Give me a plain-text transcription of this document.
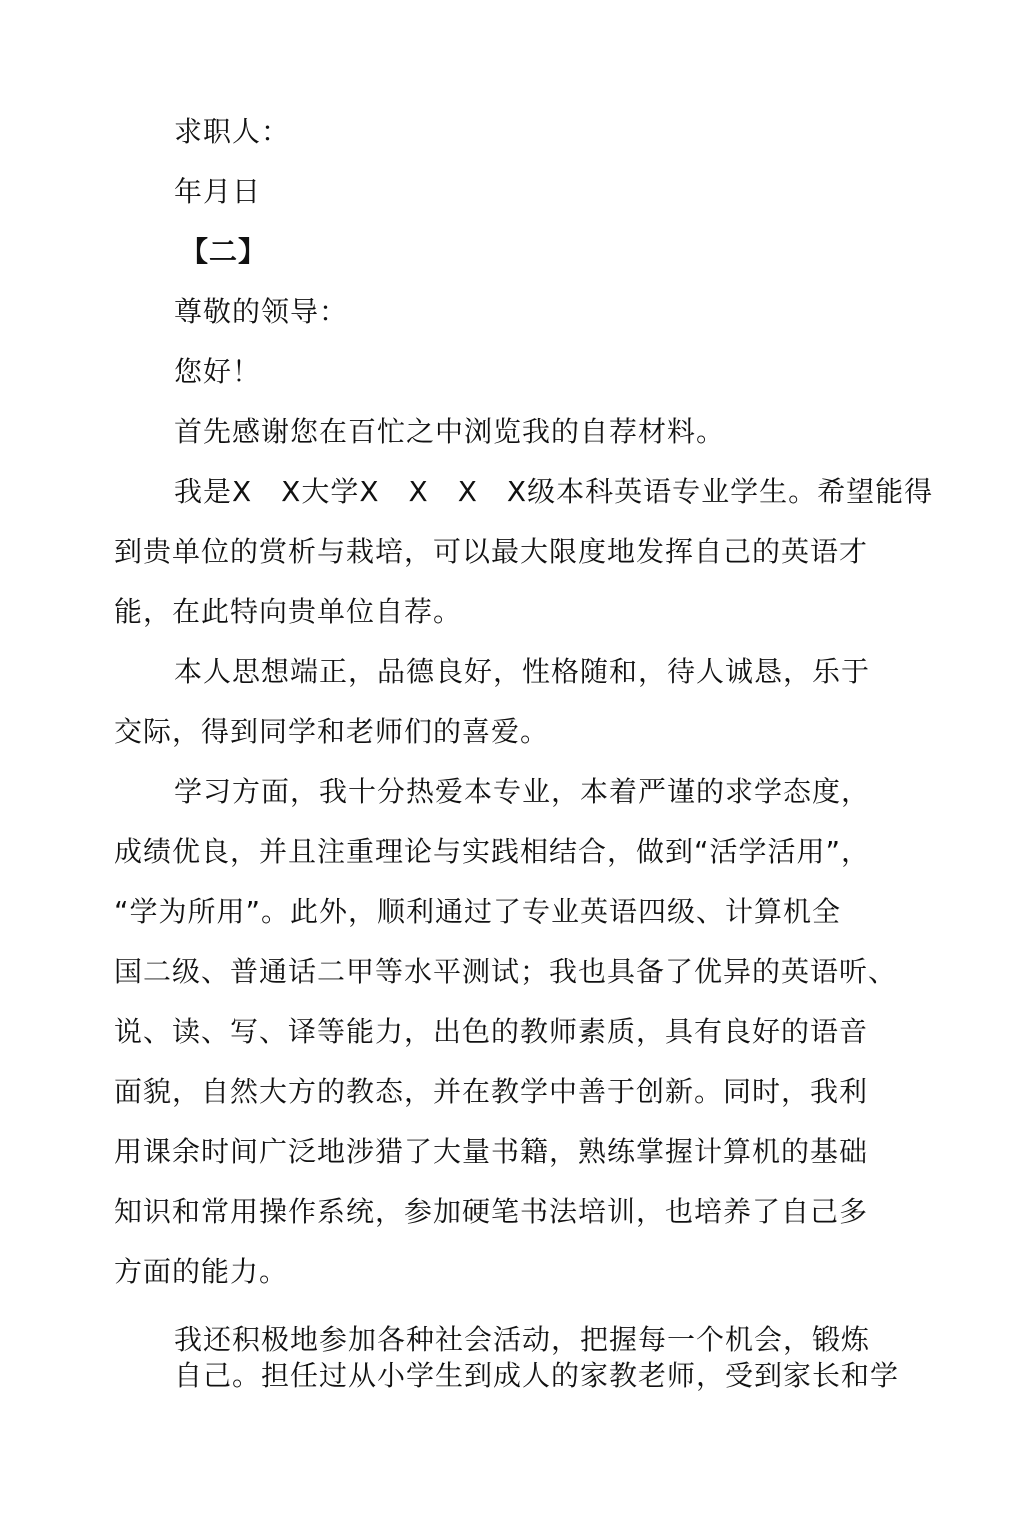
求职人：
年月日
【二】
尊敬的领导：
您好！
首先感谢您在百忙之中浏览我的自荐材料。
我是X　X大学X　X　X　X级本科英语专业学生。希望能得
到贵单位的赏析与栽培，可以最大限度地发挥自己的英语才
能，在此特向贵单位自荐。
本人思想端正，品德良好，性格随和，待人诚恳，乐于
交际，得到同学和老师们的喜爱。
学习方面，我十分热爱本专业，本着严谨的求学态度，
成绩优良，并且注重理论与实践相结合，做到“活学活用”，
“学为所用”。此外，顺利通过了专业英语四级、计算机全
国二级、普通话二甲等水平测试；我也具备了优异的英语听、
说、读、写、译等能力，出色的教师素质，具有良好的语音
面貌，自然大方的教态，并在教学中善于创新。同时，我利
用课余时间广泛地涉猎了大量书籍，熟练掌握计算机的基础
知识和常用操作系统，参加硬笔书法培训，也培养了自己多
方面的能力。
我还积极地参加各种社会活动，把握每一个机会，锻炼
自己。担任过从小学生到成人的家教老师，受到家长和学
